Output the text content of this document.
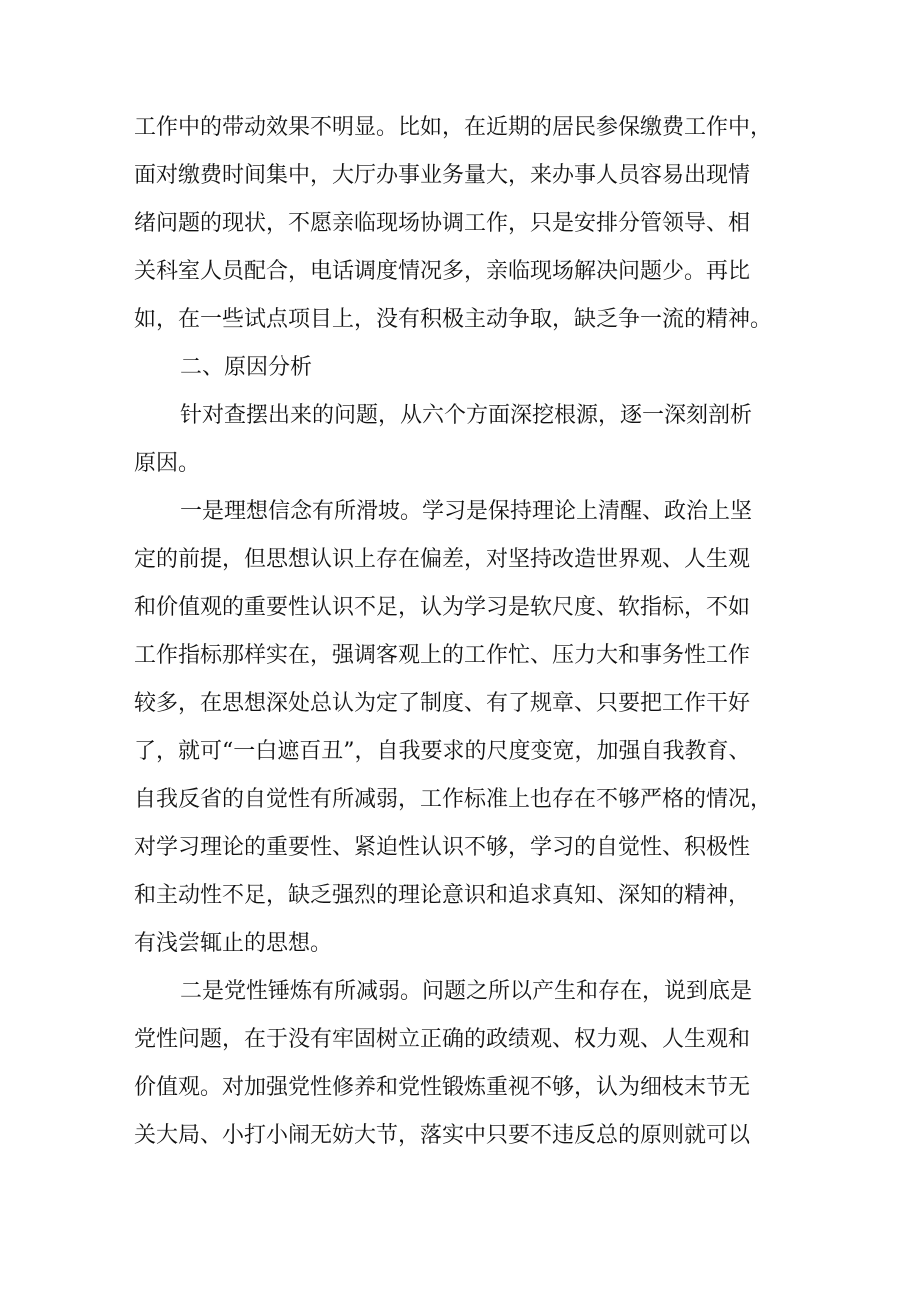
工作中的带动效果不明显。比如，在近期的居民参保缴费工作中，
面对缴费时间集中，大厅办事业务量大，来办事人员容易出现情
绪问题的现状，不愿亲临现场协调工作，只是安排分管领导、相
关科室人员配合，电话调度情况多，亲临现场解决问题少。再比
如，在一些试点项目上，没有积极主动争取，缺乏争一流的精神。
二、原因分析
针对查摆出来的问题，从六个方面深挖根源，逐一深刻剖析
原因。
一是理想信念有所滑坡。学习是保持理论上清醒、政治上坚
定的前提，但思想认识上存在偏差，对坚持改造世界观、人生观
和价值观的重要性认识不足，认为学习是软尺度、软指标，不如
工作指标那样实在，强调客观上的工作忙、压力大和事务性工作
较多，在思想深处总认为定了制度、有了规章、只要把工作干好
了，就可“一白遮百丑”，自我要求的尺度变宽，加强自我教育、
自我反省的自觉性有所减弱，工作标准上也存在不够严格的情况，
对学习理论的重要性、紧迫性认识不够，学习的自觉性、积极性
和主动性不足，缺乏强烈的理论意识和追求真知、深知的精神，
有浅尝辄止的思想。
二是党性锤炼有所减弱。问题之所以产生和存在，说到底是
党性问题，在于没有牢固树立正确的政绩观、权力观、人生观和
价值观。对加强党性修养和党性锻炼重视不够，认为细枝末节无
关大局、小打小闹无妨大节，落实中只要不违反总的原则就可以
